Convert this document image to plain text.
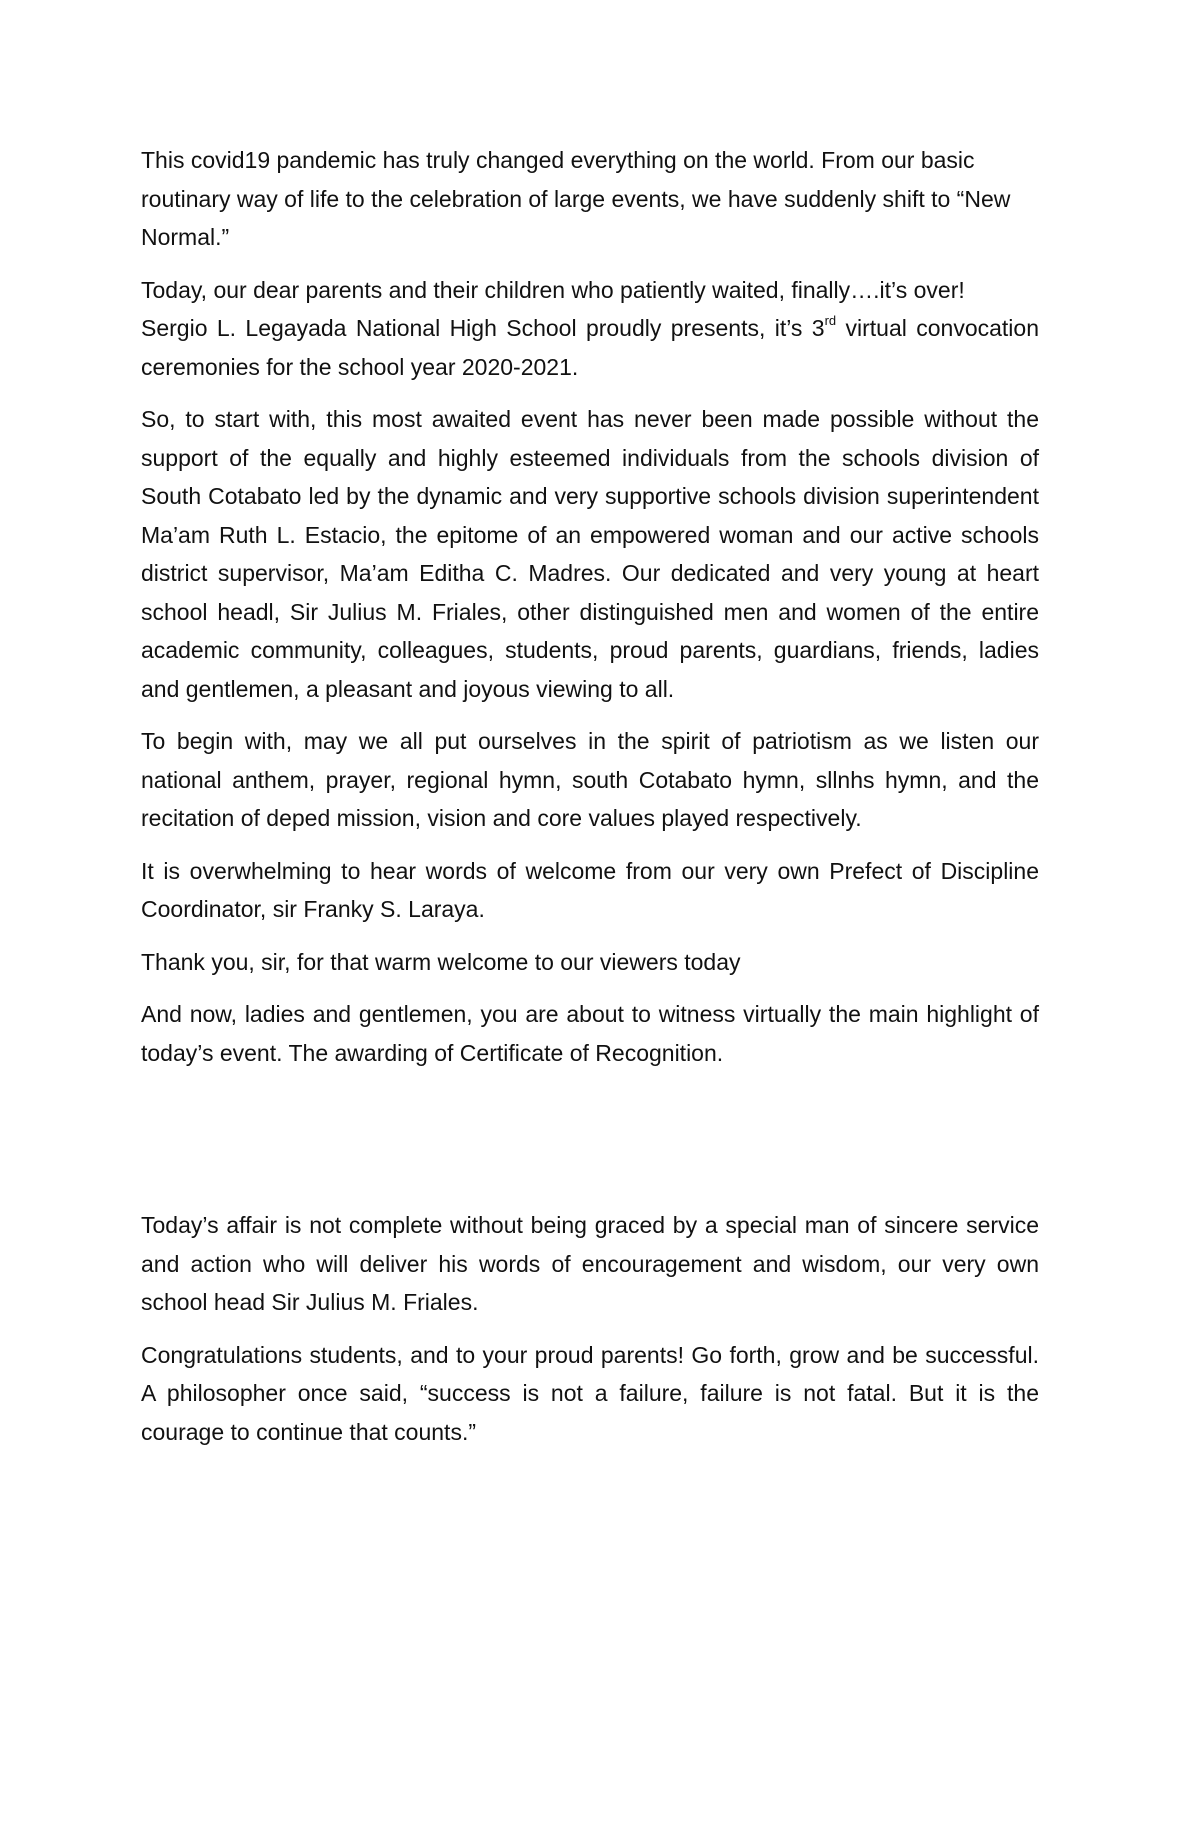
This covid19 pandemic has truly changed everything on the world. From our basic routinary way of life to the celebration of large events, we have suddenly shift to “New Normal.”

Today, our dear parents and their children who patiently waited, finally….it’s over!
Sergio L. Legayada National High School proudly presents, it’s 3rd virtual convocation ceremonies for the school year 2020-2021.

So, to start with, this most awaited event has never been made possible without the support of the equally and highly esteemed individuals from the schools division of South Cotabato led by the dynamic and very supportive schools division superintendent Ma’am Ruth L. Estacio, the epitome of an empowered woman and our active schools district supervisor, Ma’am Editha C. Madres. Our dedicated and very young at heart school headl, Sir Julius M. Friales, other distinguished men and women of the entire academic community, colleagues, students, proud parents, guardians, friends, ladies and gentlemen, a pleasant and joyous viewing to all.

To begin with, may we all put ourselves in the spirit of patriotism as we listen our national anthem, prayer, regional hymn, south Cotabato hymn, sllnhs hymn, and the recitation of deped mission, vision and core values played respectively.

It is overwhelming to hear words of welcome from our very own Prefect of Discipline Coordinator, sir Franky S. Laraya.

Thank you, sir, for that warm welcome to our viewers today

And now, ladies and gentlemen, you are about to witness virtually the main highlight of today’s event. The awarding of Certificate of Recognition.

Today’s affair is not complete without being graced by a special man of sincere service and action who will deliver his words of encouragement and wisdom, our very own school head Sir Julius M. Friales.

Congratulations students, and to your proud parents! Go forth, grow and be successful. A philosopher once said, “success is not a failure, failure is not fatal. But it is the courage to continue that counts.”
